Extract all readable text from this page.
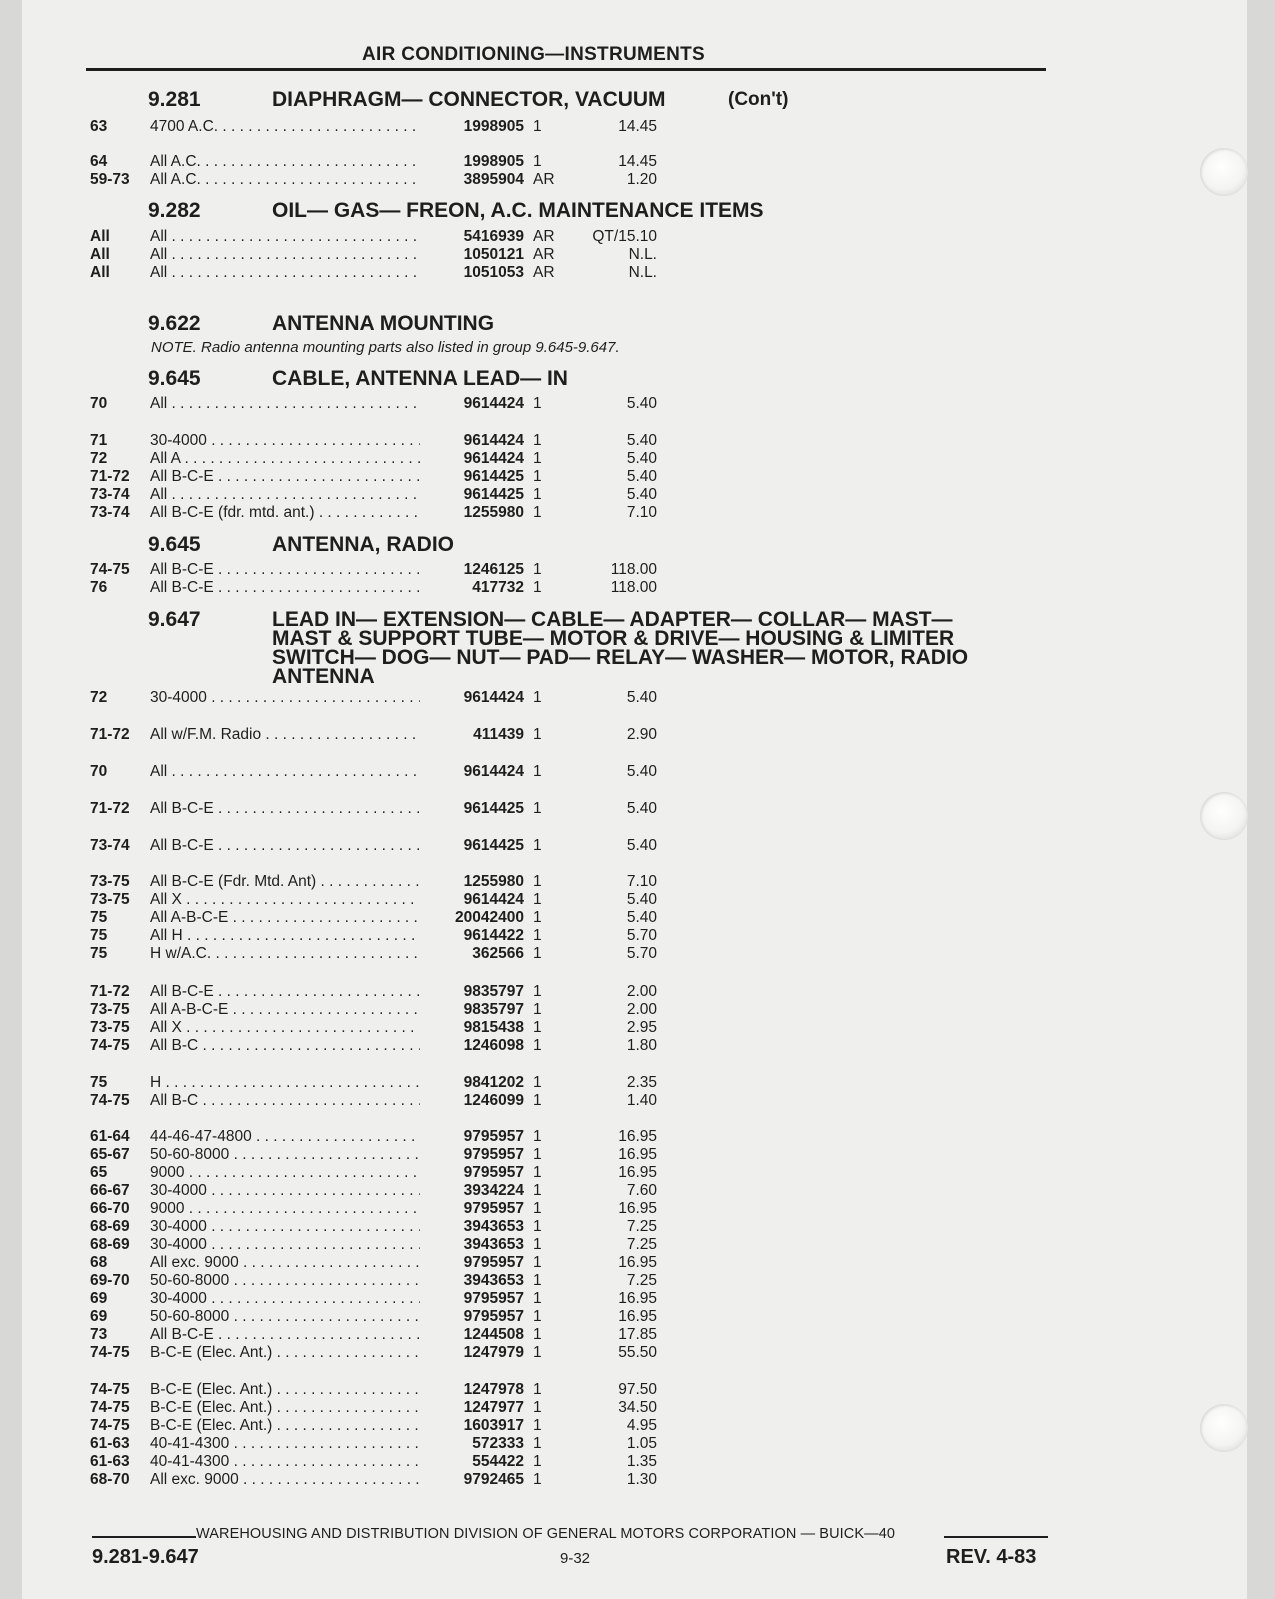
AIR CONDITIONING—INSTRUMENTS
9.281	DIAPHRAGM— CONNECTOR, VACUUM	(Con't)
63	4700 A.C. . . .	1998905 1	14.45
64	All A.C. . . .	1998905 1	14.45
59-73 All A.C. . . .	3895904 AR	1.20
9.282	OIL— GAS— FREON, A.C. MAINTENANCE ITEMS
All	All . . .	5416939 AR	QT/15.10
All	All . . .	1050121 AR	N.L.
All	All . . .	1051053 AR	N.L.
9.622	ANTENNA MOUNTING
NOTE. Radio antenna mounting parts also listed in group 9.645-9.647.
9.645	CABLE, ANTENNA LEAD— IN
70	All . . .	9614424 1	5.40
71	30-4000 . . .	9614424 1	5.40
72	All A . . .	9614424 1	5.40
71-72 All B-C-E . . .	9614425 1	5.40
73-74 All . . .	9614425 1	5.40
73-74 All B-C-E (fdr. mtd. ant.) . . .	1255980 1	7.10
9.645	ANTENNA, RADIO
74-75 All B-C-E . . .	1246125 1	118.00
76	All B-C-E . . .	417732 1	118.00
9.647	LEAD IN— EXTENSION— CABLE— ADAPTER— COLLAR— MAST—
MAST & SUPPORT TUBE— MOTOR & DRIVE— HOUSING & LIMITER
SWITCH— DOG— NUT— PAD— RELAY— WASHER— MOTOR, RADIO
ANTENNA
72	30-4000 . . .	9614424 1	5.40
71-72 All w/F.M. Radio . . .	411439 1	2.90
70	All . . .	9614424 1	5.40
71-72 All B-C-E . . .	9614425 1	5.40
73-74 All B-C-E . . .	9614425 1	5.40
73-75 All B-C-E (Fdr. Mtd. Ant) . . .	1255980 1	7.10
73-75 All X . . .	9614424 1	5.40
75	All A-B-C-E . . .	20042400 1	5.40
75	All H . . .	9614422 1	5.70
75	H w/A.C. . . .	362566 1	5.70
71-72 All B-C-E . . .	9835797 1	2.00
73-75 All A-B-C-E . . .	9835797 1	2.00
73-75 All X . . .	9815438 1	2.95
74-75 All B-C . . .	1246098 1	1.80
75	H . . .	9841202 1	2.35
74-75 All B-C . . .	1246099 1	1.40
61-64 44-46-47-4800 . . .	9795957 1	16.95
65-67 50-60-8000 . . .	9795957 1	16.95
65	9000 . . .	9795957 1	16.95
66-67 30-4000 . . .	3934224 1	7.60
66-70 9000 . . .	9795957 1	16.95
68-69 30-4000 . . .	3943653 1	7.25
68-69 30-4000 . . .	3943653 1	7.25
68	All exc. 9000 . . .	9795957 1	16.95
69-70 50-60-8000 . . .	3943653 1	7.25
69	30-4000 . . .	9795957 1	16.95
69	50-60-8000 . . .	9795957 1	16.95
73	All B-C-E . . .	1244508 1	17.85
74-75 B-C-E (Elec. Ant.) . . .	1247979 1	55.50
74-75 B-C-E (Elec. Ant.) . . .	1247978 1	97.50
74-75 B-C-E (Elec. Ant.) . . .	1247977 1	34.50
74-75 B-C-E (Elec. Ant.) . . .	1603917 1	4.95
61-63 40-41-4300 . . .	572333 1	1.05
61-63 40-41-4300 . . .	554422 1	1.35
68-70 All exc. 9000 . . .	9792465 1	1.30
WAREHOUSING AND DISTRIBUTION DIVISION OF GENERAL MOTORS CORPORATION — BUICK—40
9.281-9.647	9-32	REV. 4-83
